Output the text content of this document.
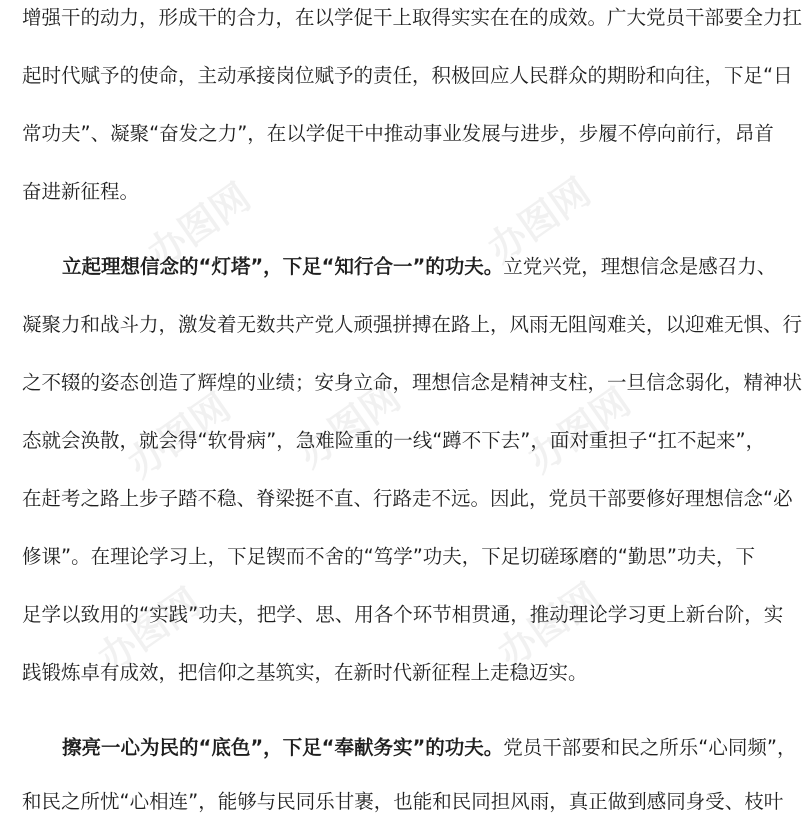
办图网	办图网
办图网 办图网	办图网
办图网	办图网
增强干的动力，形成干的合力，在以学促干上取得实实在在的成效。广大党员干部要全力扛
起时代赋予的使命，主动承接岗位赋予的责任，积极回应人民群众的期盼和向往，下足“日
常功夫”、凝聚“奋发之力”，在以学促干中推动事业发展与进步，步履不停向前行，昂首
奋进新征程。
立起理想信念的“灯塔”，下足“知行合一”的功夫。立党兴党，理想信念是感召力、
凝聚力和战斗力，激发着无数共产党人顽强拼搏在路上，风雨无阻闯难关，以迎难无惧、行
之不辍的姿态创造了辉煌的业绩；安身立命，理想信念是精神支柱，一旦信念弱化，精神状
态就会涣散，就会得“软骨病”，急难险重的一线“蹲不下去”，面对重担子“扛不起来”，
在赶考之路上步子踏不稳、脊梁挺不直、行路走不远。因此，党员干部要修好理想信念“必
修课”。在理论学习上，下足锲而不舍的“笃学”功夫，下足切磋琢磨的“勤思”功夫，下
足学以致用的“实践”功夫，把学、思、用各个环节相贯通，推动理论学习更上新台阶，实
践锻炼卓有成效，把信仰之基筑实，在新时代新征程上走稳迈实。
擦亮一心为民的“底色”，下足“奉献务实”的功夫。党员干部要和民之所乐“心同频”，
和民之所忧“心相连”，能够与民同乐甘裹，也能和民同担风雨，真正做到感同身受、枝叶
